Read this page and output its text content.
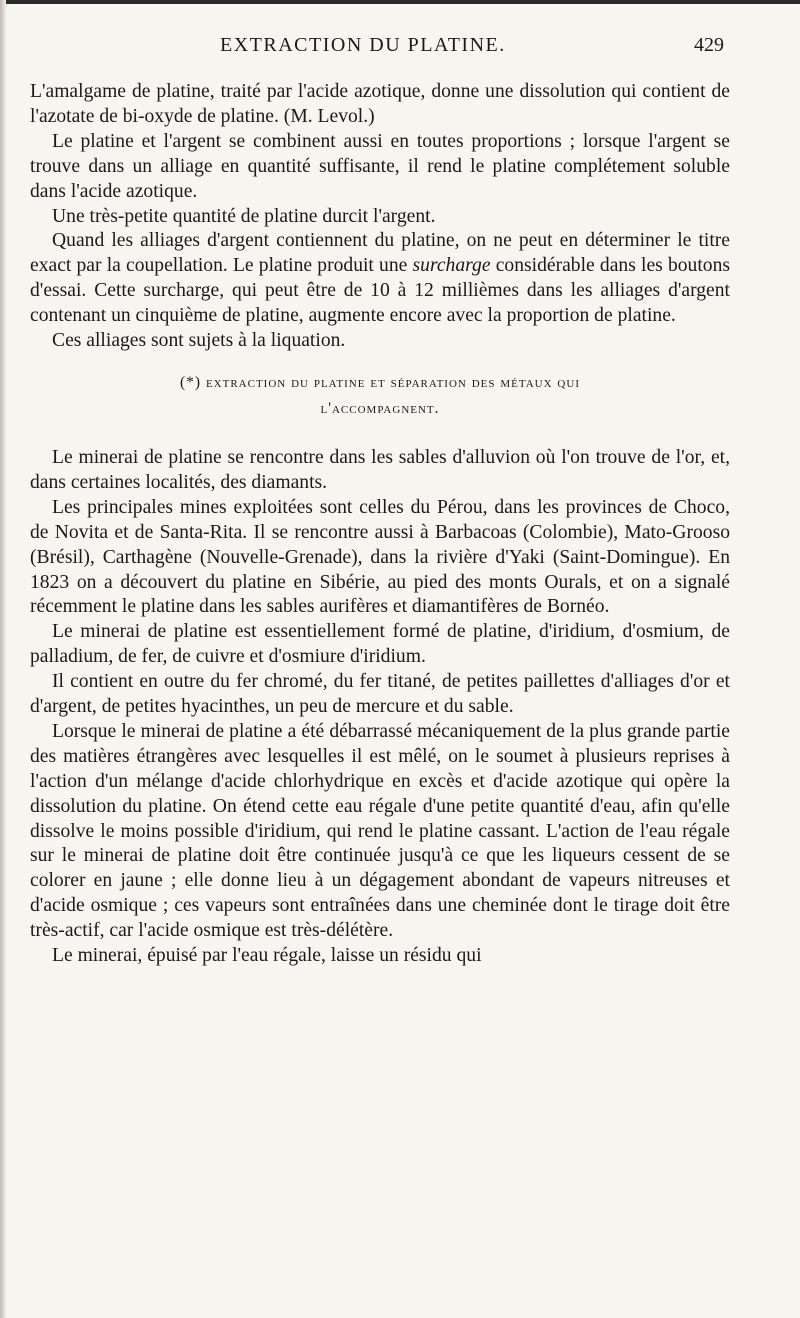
EXTRACTION DU PLATINE.	429

L'amalgame de platine, traité par l'acide azotique, donne une dissolution qui contient de l'azotate de bi-oxyde de platine. (M. Levol.)

Le platine et l'argent se combinent aussi en toutes proportions ; lorsque l'argent se trouve dans un alliage en quantité suffisante, il rend le platine complétement soluble dans l'acide azotique.

Une très-petite quantité de platine durcit l'argent.

Quand les alliages d'argent contiennent du platine, on ne peut en déterminer le titre exact par la coupellation. Le platine produit une surcharge considérable dans les boutons d'essai. Cette surcharge, qui peut être de 10 à 12 millièmes dans les alliages d'argent contenant un cinquième de platine, augmente encore avec la proportion de platine.

Ces alliages sont sujets à la liquation.

(*) extraction du platine et séparation des métaux qui
l'accompagnent.

Le minerai de platine se rencontre dans les sables d'alluvion où l'on trouve de l'or, et, dans certaines localités, des diamants.

Les principales mines exploitées sont celles du Pérou, dans les provinces de Choco, de Novita et de Santa-Rita. Il se rencontre aussi à Barbacoas (Colombie), Mato-Grooso (Brésil), Carthagène (Nouvelle-Grenade), dans la rivière d'Yaki (Saint-Domingue). En 1823 on a découvert du platine en Sibérie, au pied des monts Ourals, et on a signalé récemment le platine dans les sables aurifères et diamantifères de Bornéo.

Le minerai de platine est essentiellement formé de platine, d'iridium, d'osmium, de palladium, de fer, de cuivre et d'osmiure d'iridium.

Il contient en outre du fer chromé, du fer titané, de petites paillettes d'alliages d'or et d'argent, de petites hyacinthes, un peu de mercure et du sable.

Lorsque le minerai de platine a été débarrassé mécaniquement de la plus grande partie des matières étrangères avec lesquelles il est mêlé, on le soumet à plusieurs reprises à l'action d'un mélange d'acide chlorhydrique en excès et d'acide azotique qui opère la dissolution du platine. On étend cette eau régale d'une petite quantité d'eau, afin qu'elle dissolve le moins possible d'iridium, qui rend le platine cassant. L'action de l'eau régale sur le minerai de platine doit être continuée jusqu'à ce que les liqueurs cessent de se colorer en jaune ; elle donne lieu à un dégagement abondant de vapeurs nitreuses et d'acide osmique ; ces vapeurs sont entraînées dans une cheminée dont le tirage doit être très-actif, car l'acide osmique est très-délétère.

Le minerai, épuisé par l'eau régale, laisse un résidu qui
